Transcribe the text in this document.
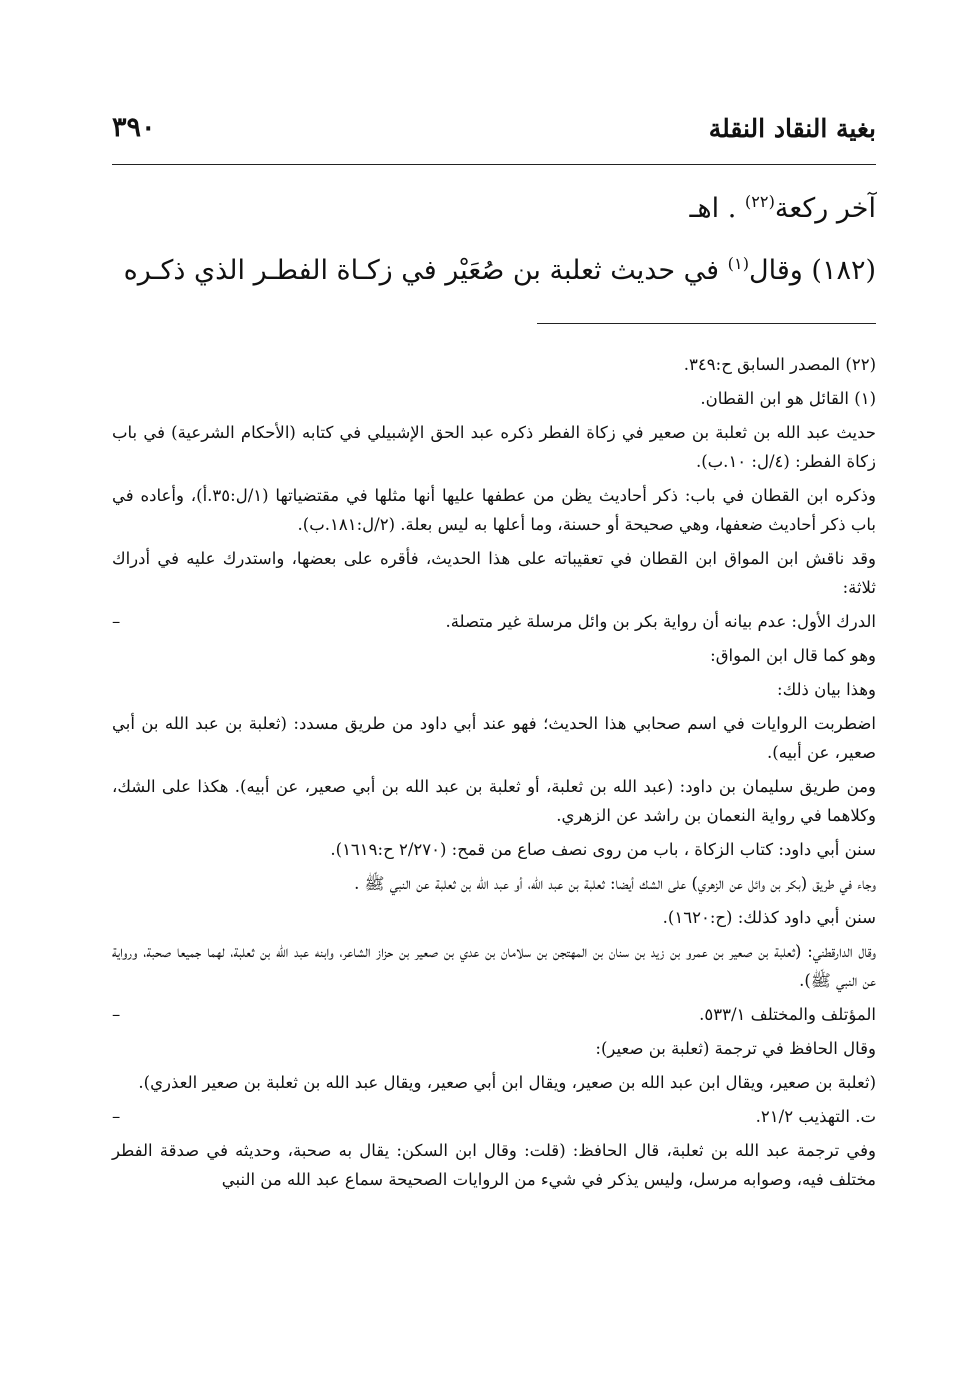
بغية النقاد النقلة
٣٩٠
آخر ركعة$^{(٢٢)}$ . اهـ
(١٨٢) وقال$^{(١)}$ في حديث ثعلبة بن صُعَيْر في زكـاة الفطـر الذي ذكـره

(٢٢) المصدر السابق ح:٣٤٩.

(١) القائل هو ابن القطان.

حديث عبد الله بن ثعلبة بن صعير في زكاة الفطر ذكره عبد الحق الإشبيلي في كتابه (الأحكام الشرعية) في باب زكاة الفطر: (٤/ل: ١٠.ب).

وذكره ابن القطان في باب: ذكر أحاديث يظن من عطفها عليها أنها مثلها في مقتضياتها (١/ل:٣٥.أ)، وأعاده في باب ذكر أحاديث ضعفها، وهي صحيحة أو حسنة، وما أعلها به ليس بعلة. (٢/ل:١٨١.ب).

وقد ناقش ابن المواق ابن القطان في تعقيباته على هذا الحديث، فأقره على بعضها، واستدرك عليه في أدراك ثلاثة:

الدرك الأول: عدم بيانه أن رواية بكر بن وائل مرسلة غير متصلة.
–

وهو كما قال ابن المواق:

وهذا بيان ذلك:

اضطربت الروايات في اسم صحابي هذا الحديث؛ فهو عند أبي داود من طريق مسدد: (ثعلبة بن عبد الله بن أبي صعير، عن أبيه).

ومن طريق سليمان بن داود: (عبد الله بن ثعلبة، أو ثعلبة بن عبد الله بن أبي صعير، عن أبيه). هكذا على الشك، وكلاهما في رواية النعمان بن راشد عن الزهري.

سنن أبي داود: كتاب الزكاة ، باب من روى نصف صاع من قمح: (٢/٢٧٠ ح:١٦١٩).

وجاء في طريق (بكر بن وائل عن الزهري) على الشك أيضا: ثعلبة بن عبد الله، أو عبد الله بن ثعلبة عن النبي ﷺ .

سنن أبي داود كذلك: (ح:١٦٢٠).

وقال الدارقطني: (ثعلبة بن صعير بن عمرو بن زيد بن سنان بن المهتجن بن سلامان بن عدي بن صعير بن حزاز الشاعر، وابنه عبد الله بن ثعلبة، لهما جميعا صحبة، ورواية عن النبي ﷺ).

المؤتلف والمختلف ٥٣٣/١.
–

وقال الحافظ في ترجمة (ثعلبة بن صعير):

(ثعلبة بن صعير، ويقال ابن عبد الله بن صعير، ويقال ابن أبي صعير، ويقال عبد الله بن ثعلبة بن صعير العذري).

ت. التهذيب ٢١/٢.
–

وفي ترجمة عبد الله بن ثعلبة، قال الحافظ: (قلت: وقال ابن السكن: يقال به صحبة، وحديثه في صدقة الفطر مختلف فيه، وصوابه مرسل، وليس يذكر في شيء من الروايات الصحيحة سماع عبد الله من النبي
